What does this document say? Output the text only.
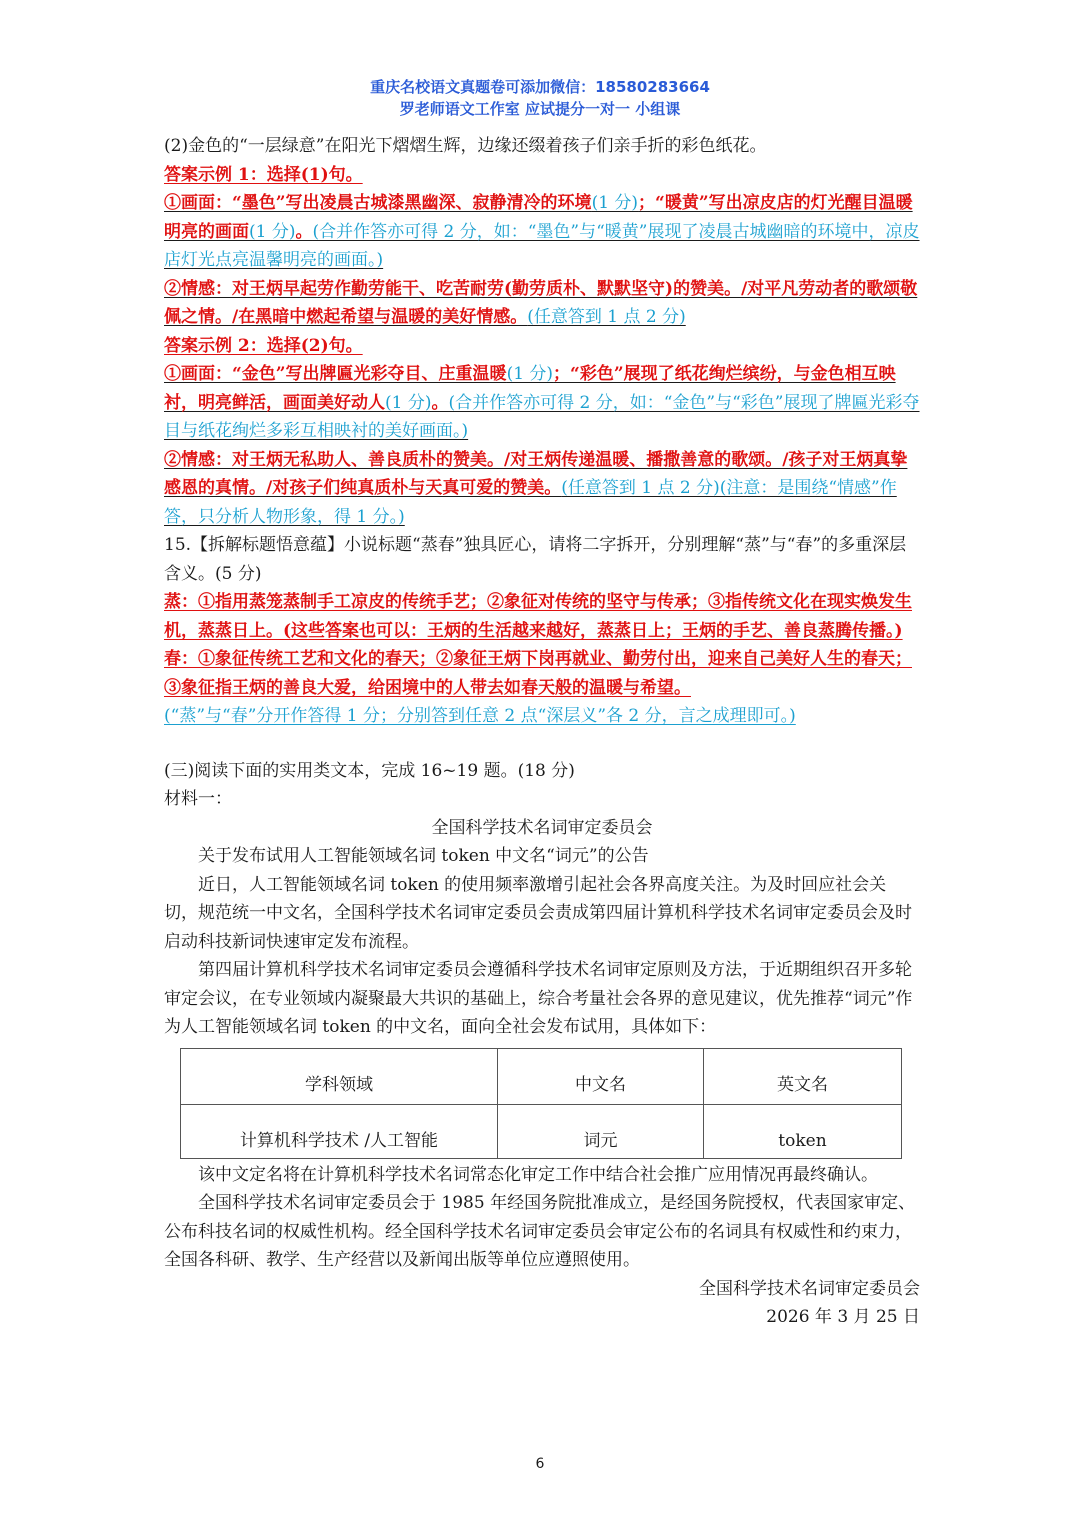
重庆名校语文真题卷可添加微信：18580283664
罗老师语文工作室 应试提分一对一 小组课

(2)金色的“一层绿意”在阳光下熠熠生辉，边缘还缀着孩子们亲手折的彩色纸花。

答案示例 1：选择(1)句。

①画面：“墨色”写出凌晨古城漆黑幽深、寂静清冷的环境(1 分)；“暖黄”写出凉皮店的灯光醒目温暖明亮的画面(1 分)。(合并作答亦可得 2 分，如：“墨色”与“暖黄”展现了凌晨古城幽暗的环境中，凉皮店灯光点亮温馨明亮的画面。)

②情感：对王炳早起劳作勤劳能干、吃苦耐劳(勤劳质朴、默默坚守)的赞美。/对平凡劳动者的歌颂敬佩之情。/在黑暗中燃起希望与温暖的美好情感。(任意答到 1 点 2 分)

答案示例 2：选择(2)句。

①画面：“金色”写出牌匾光彩夺目、庄重温暖(1 分)；“彩色”展现了纸花绚烂缤纷，与金色相互映衬，明亮鲜活，画面美好动人(1 分)。(合并作答亦可得 2 分，如：“金色”与“彩色”展现了牌匾光彩夺目与纸花绚烂多彩互相映衬的美好画面。)

②情感：对王炳无私助人、善良质朴的赞美。/对王炳传递温暖、播撒善意的歌颂。/孩子对王炳真挚感恩的真情。/对孩子们纯真质朴与天真可爱的赞美。(任意答到 1 点 2 分)(注意：是围绕“情感”作答，只分析人物形象，得 1 分。)

15.【拆解标题悟意蕴】小说标题“蒸春”独具匠心，请将二字拆开，分别理解“蒸”与“春”的多重深层含义。(5 分)

蒸：①指用蒸笼蒸制手工凉皮的传统手艺；②象征对传统的坚守与传承；③指传统文化在现实焕发生机，蒸蒸日上。(这些答案也可以：王炳的生活越来越好，蒸蒸日上；王炳的手艺、善良蒸腾传播。)

春：①象征传统工艺和文化的春天；②象征王炳下岗再就业、勤劳付出，迎来自己美好人生的春天；③象征指王炳的善良大爱，给困境中的人带去如春天般的温暖与希望。

(“蒸”与“春”分开作答得 1 分；分别答到任意 2 点“深层义”各 2 分，言之成理即可。)

(三)阅读下面的实用类文本，完成 16~19 题。(18 分)

材料一：

全国科学技术名词审定委员会

关于发布试用人工智能领域名词 token 中文名“词元”的公告

近日，人工智能领域名词 token 的使用频率激增引起社会各界高度关注。为及时回应社会关切，规范统一中文名，全国科学技术名词审定委员会责成第四届计算机科学技术名词审定委员会及时启动科技新词快速审定发布流程。

第四届计算机科学技术名词审定委员会遵循科学技术名词审定原则及方法，于近期组织召开多轮审定会议，在专业领域内凝聚最大共识的基础上，综合考量社会各界的意见建议，优先推荐“词元”作为人工智能领域名词 token 的中文名，面向全社会发布试用，具体如下：

学科领域	中文名	英文名
计算机科学技术 /人工智能	词元	token

该中文定名将在计算机科学技术名词常态化审定工作中结合社会推广应用情况再最终确认。

全国科学技术名词审定委员会于 1985 年经国务院批准成立，是经国务院授权，代表国家审定、公布科技名词的权威性机构。经全国科学技术名词审定委员会审定公布的名词具有权威性和约束力，全国各科研、教学、生产经营以及新闻出版等单位应遵照使用。

全国科学技术名词审定委员会

2026 年 3 月 25 日

6
